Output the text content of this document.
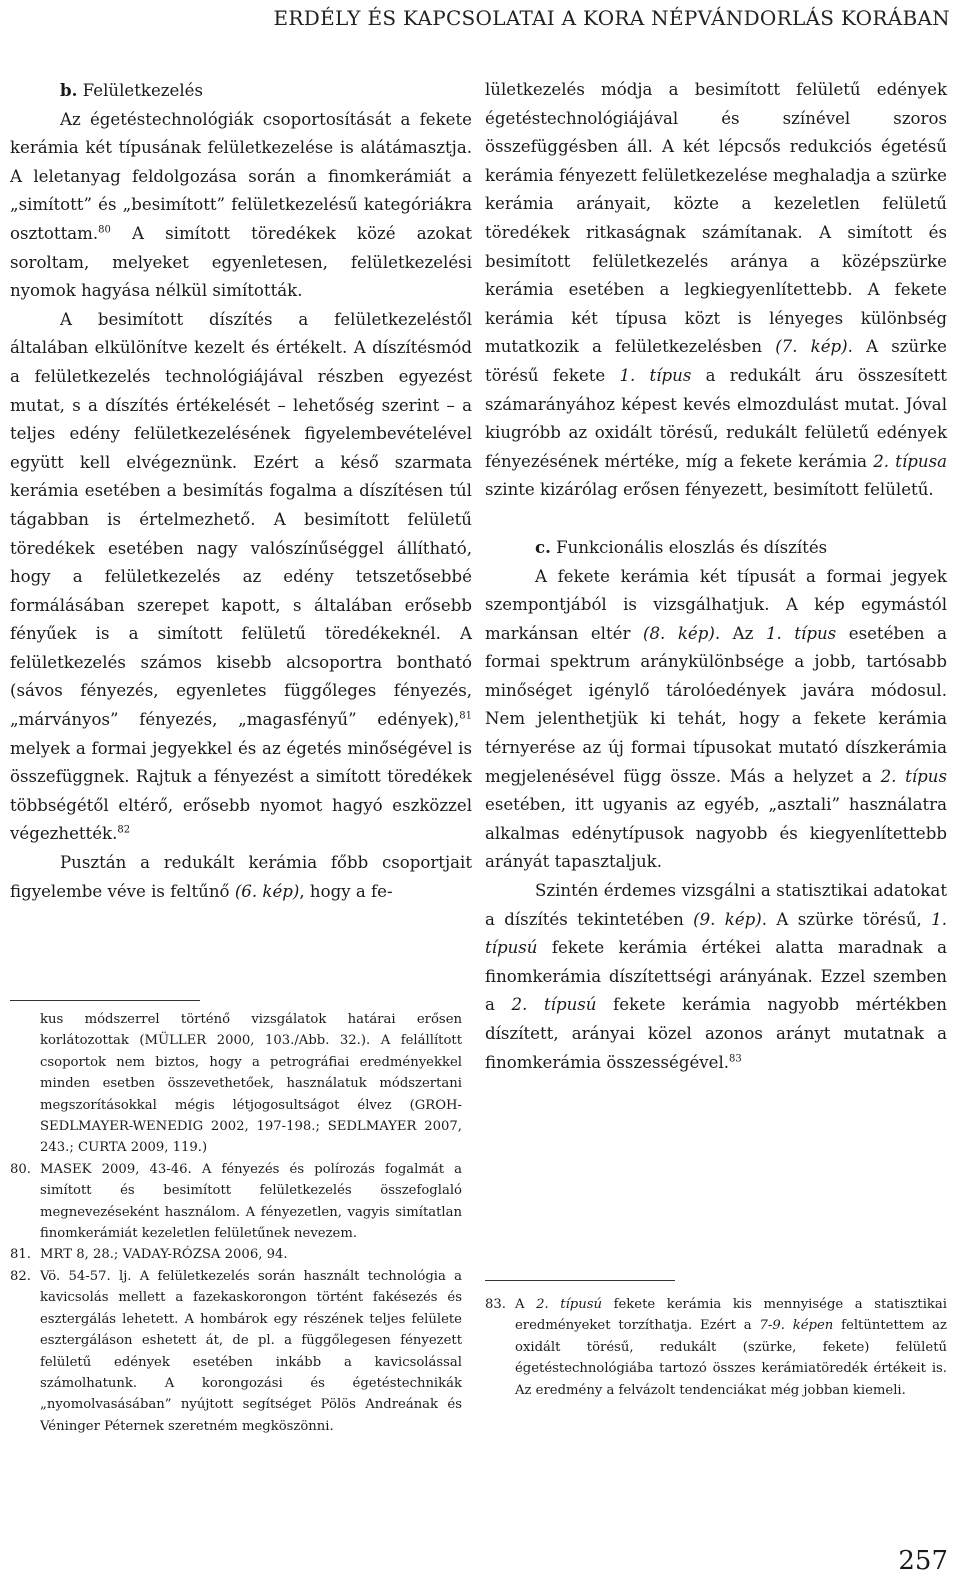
ERDÉLY ÉS KAPCSOLATAI A KORA NÉPVÁNDORLÁS KORÁBAN

b. Felületkezelés

Az égetéstechnológiák csoportosítását a fekete kerámia két típusának felületkezelése is alátámasztja. A leletanyag feldolgozása során a finomkerámiát a „simított” és „besimított” felületkezelésű kategóriákra osztottam.$^{80}$ A simított töredékek közé azokat soroltam, melyeket egyenletesen, felületkezelési nyomok hagyása nélkül simították.

A besimított díszítés a felületkezeléstől általában elkülönítve kezelt és értékelt. A díszítésmód a felületkezelés technológiájával részben egyezést mutat, s a díszítés értékelését – lehetőség szerint – a teljes edény felületkezelésének figyelembevételével együtt kell elvégeznünk. Ezért a késő szarmata kerámia esetében a besimítás fogalma a díszítésen túl tágabban is értelmezhető. A besimított felületű töredékek esetében nagy valószínűséggel állítható, hogy a felületkezelés az edény tetszetősebbé formálásában szerepet kapott, s általában erősebb fényűek is a simított felületű töredékeknél. A felületkezelés számos kisebb alcsoportra bontható (sávos fényezés, egyenletes függőleges fényezés, „márványos” fényezés, „magasfényű” edények),$^{81}$ melyek a formai jegyekkel és az égetés minőségével is összefüggnek. Rajtuk a fényezést a simított töredékek többségétől eltérő, erősebb nyomot hagyó eszközzel végezhették.$^{82}$

Pusztán a redukált kerámia főbb csoportjait figyelembe véve is feltűnő (6. kép), hogy a fe-

lületkezelés módja a besimított felületű edények égetéstechnológiájával és színével szoros összefüggésben áll. A két lépcsős redukciós égetésű kerámia fényezett felületkezelése meghaladja a szürke kerámia arányait, közte a kezeletlen felületű töredékek ritkaságnak számítanak. A simított és besimított felületkezelés aránya a középszürke kerámia esetében a legkiegyenlítettebb. A fekete kerámia két típusa közt is lényeges különbség mutatkozik a felületkezelésben (7. kép). A szürke törésű fekete 1. típus a redukált áru összesített számarányához képest kevés elmozdulást mutat. Jóval kiugróbb az oxidált törésű, redukált felületű edények fényezésének mértéke, míg a fekete kerámia 2. típusa szinte kizárólag erősen fényezett, besimított felületű.

c. Funkcionális eloszlás és díszítés

A fekete kerámia két típusát a formai jegyek szempontjából is vizsgálhatjuk. A kép egymástól markánsan eltér (8. kép). Az 1. típus esetében a formai spektrum aránykülönbsége a jobb, tartósabb minőséget igénylő tárolóedények javára módosul. Nem jelenthetjük ki tehát, hogy a fekete kerámia térnyerése az új formai típusokat mutató díszkerámia megjelenésével függ össze. Más a helyzet a 2. típus esetében, itt ugyanis az egyéb, „asztali” használatra alkalmas edénytípusok nagyobb és kiegyenlítettebb arányát tapasztaljuk.

Szintén érdemes vizsgálni a statisztikai adatokat a díszítés tekintetében (9. kép). A szürke törésű, 1. típusú fekete kerámia értékei alatta maradnak a finomkerámia díszítettségi arányának. Ezzel szemben a 2. típusú fekete kerámia nagyobb mértékben díszített, arányai közel azonos arányt mutatnak a finomkerámia összességével.$^{83}$

kus módszerrel történő vizsgálatok határai erősen korlátozottak (MÜLLER 2000, 103./Abb. 32.). A felállított csoportok nem biztos, hogy a petrográfiai eredményekkel minden esetben összevethetőek, használatuk módszertani megszorításokkal mégis létjogosultságot élvez (GROH-SEDLMAYER-WENEDIG 2002, 197-198.; SEDLMAYER 2007, 243.; CURTA 2009, 119.)
80. MASEK 2009, 43-46. A fényezés és polírozás fogalmát a simított és besimított felületkezelés összefoglaló megnevezéseként használom. A fényezetlen, vagyis simítatlan finomkerámiát kezeletlen felületűnek nevezem.
81. MRT 8, 28.; VADAY-RÓZSA 2006, 94.
82. Vö. 54-57. lj. A felületkezelés során használt technológia a kavicsolás mellett a fazekaskorongon történt fakésezés és esztergálás lehetett. A hombárok egy részének teljes felülete esztergáláson eshetett át, de pl. a függőlegesen fényezett felületű edények esetében inkább a kavicsolással számolhatunk. A korongozási és égetéstechnikák „nyomolvasásában” nyújtott segítséget Pölös Andreának és Véninger Péternek szeretném megköszönni.
83. A 2. típusú fekete kerámia kis mennyisége a statisztikai eredményeket torzíthatja. Ezért a 7-9. képen feltüntettem az oxidált törésű, redukált (szürke, fekete) felületű égetéstechnológiába tartozó összes kerámiatöredék értékeit is. Az eredmény a felvázolt tendenciákat még jobban kiemeli.
257
